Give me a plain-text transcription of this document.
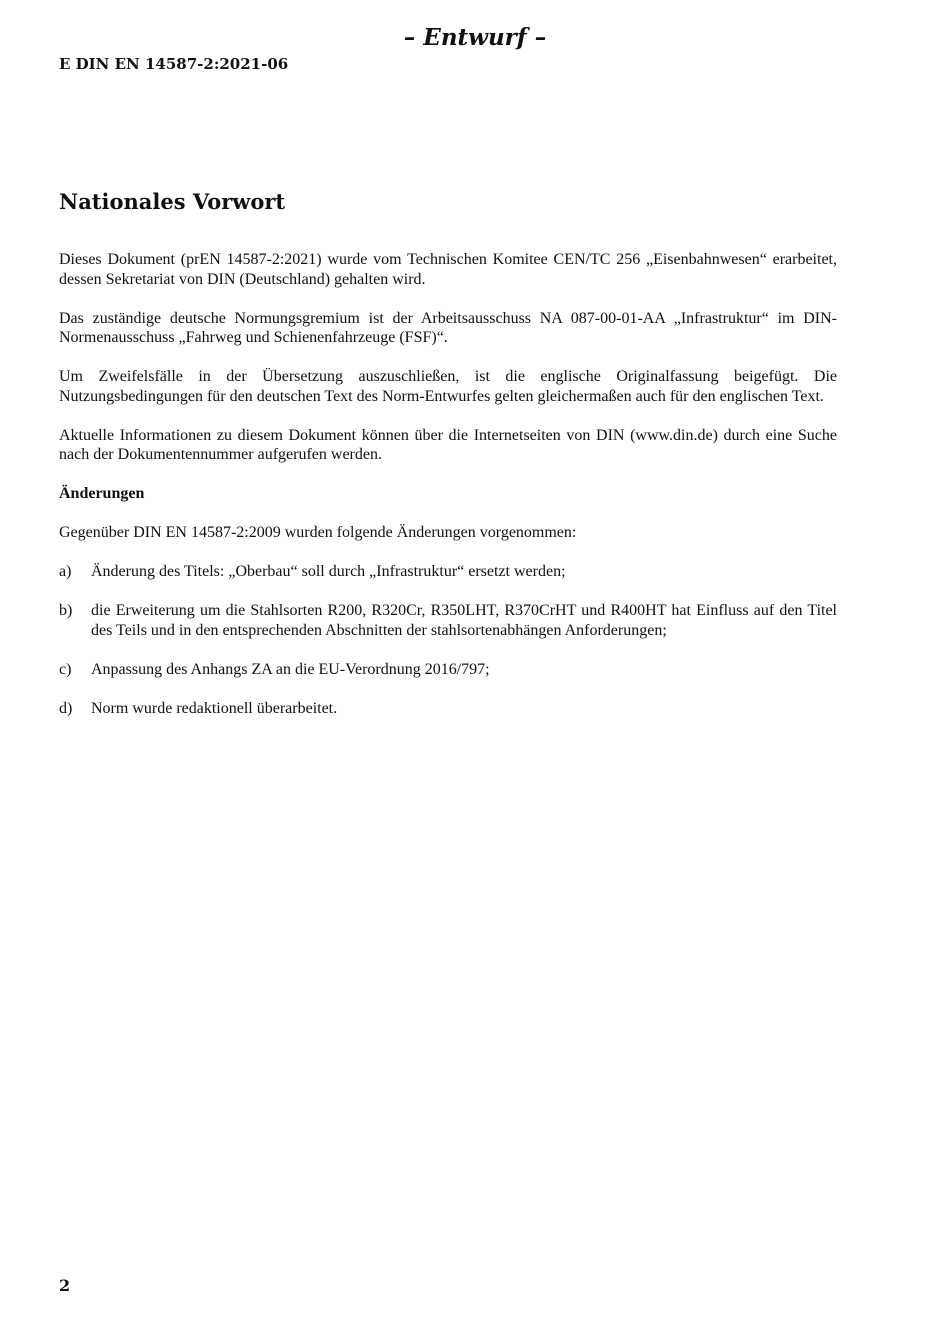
– Entwurf –
E DIN EN 14587-2:2021-06
Nationales Vorwort

Dieses Dokument (prEN 14587-2:2021) wurde vom Technischen Komitee CEN/TC 256 „Eisenbahnwesen“ erarbeitet, dessen Sekretariat von DIN (Deutschland) gehalten wird.

Das zuständige deutsche Normungsgremium ist der Arbeitsausschuss NA 087-00-01-AA „Infrastruktur“ im DIN-Normenausschuss „Fahrweg und Schienenfahrzeuge (FSF)“.

Um Zweifelsfälle in der Übersetzung auszuschließen, ist die englische Originalfassung beigefügt. Die Nutzungsbedingungen für den deutschen Text des Norm-Entwurfes gelten gleichermaßen auch für den englischen Text.

Aktuelle Informationen zu diesem Dokument können über die Internetseiten von DIN (www.din.de) durch eine Suche nach der Dokumentennummer aufgerufen werden.

Änderungen

Gegenüber DIN EN 14587-2:2009 wurden folgende Änderungen vorgenommen:

a)	Änderung des Titels: „Oberbau“ soll durch „Infrastruktur“ ersetzt werden;
b)	die Erweiterung um die Stahlsorten R200, R320Cr, R350LHT, R370CrHT und R400HT hat Einfluss auf den Titel des Teils und in den entsprechenden Abschnitten der stahlsortenabhängen Anforderungen;
c)	Anpassung des Anhangs ZA an die EU-Verordnung 2016/797;
d)	Norm wurde redaktionell überarbeitet.
2
